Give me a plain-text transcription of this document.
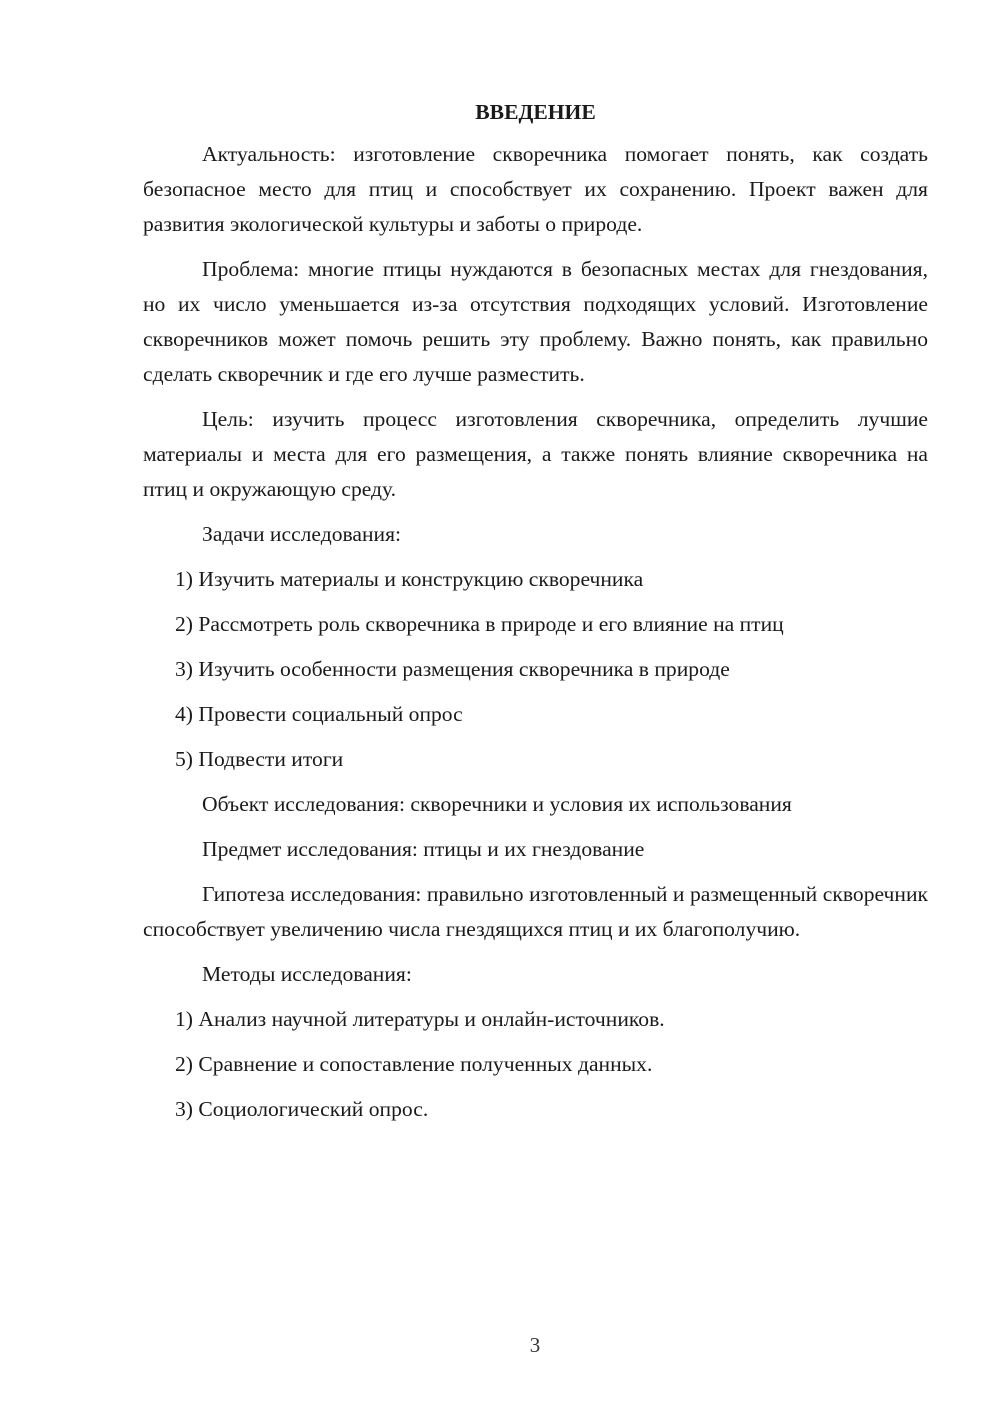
ВВЕДЕНИЕ

Актуальность: изготовление скворечника помогает понять, как создать безопасное место для птиц и способствует их сохранению. Проект важен для развития экологической культуры и заботы о природе.

Проблема: многие птицы нуждаются в безопасных местах для гнездования, но их число уменьшается из-за отсутствия подходящих условий. Изготовление скворечников может помочь решить эту проблему. Важно понять, как правильно сделать скворечник и где его лучше разместить.

Цель: изучить процесс изготовления скворечника, определить лучшие материалы и места для его размещения, а также понять влияние скворечника на птиц и окружающую среду.

Задачи исследования:

1) Изучить материалы и конструкцию скворечника

2) Рассмотреть роль скворечника в природе и его влияние на птиц

3) Изучить особенности размещения скворечника в природе

4) Провести социальный опрос

5) Подвести итоги

Объект исследования: скворечники и условия их использования

Предмет исследования: птицы и их гнездование

Гипотеза исследования: правильно изготовленный и размещенный скворечник способствует увеличению числа гнездящихся птиц и их благополучию.

Методы исследования:

1) Анализ научной литературы и онлайн-источников.

2) Сравнение и сопоставление полученных данных.

3) Социологический опрос.

3
